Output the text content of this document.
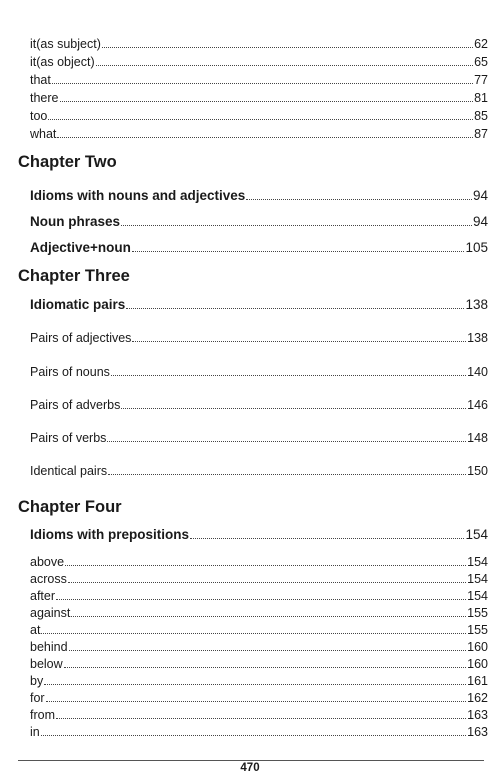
it(as subject)	62
it(as object)	65
that	77
there	81
too	85
what	87
Chapter Two
Idioms with nouns and adjectives	94
Noun phrases	94
Adjective+noun	105
Chapter Three
Idiomatic pairs	138
Pairs of adjectives	138
Pairs of nouns	140
Pairs of adverbs	146
Pairs of verbs	148
Identical pairs	150
Chapter Four
Idioms with prepositions	154
above	154
across	154
after	154
against	155
at	155
behind	160
below	160
by	161
for	162
from	163
in	163
470
